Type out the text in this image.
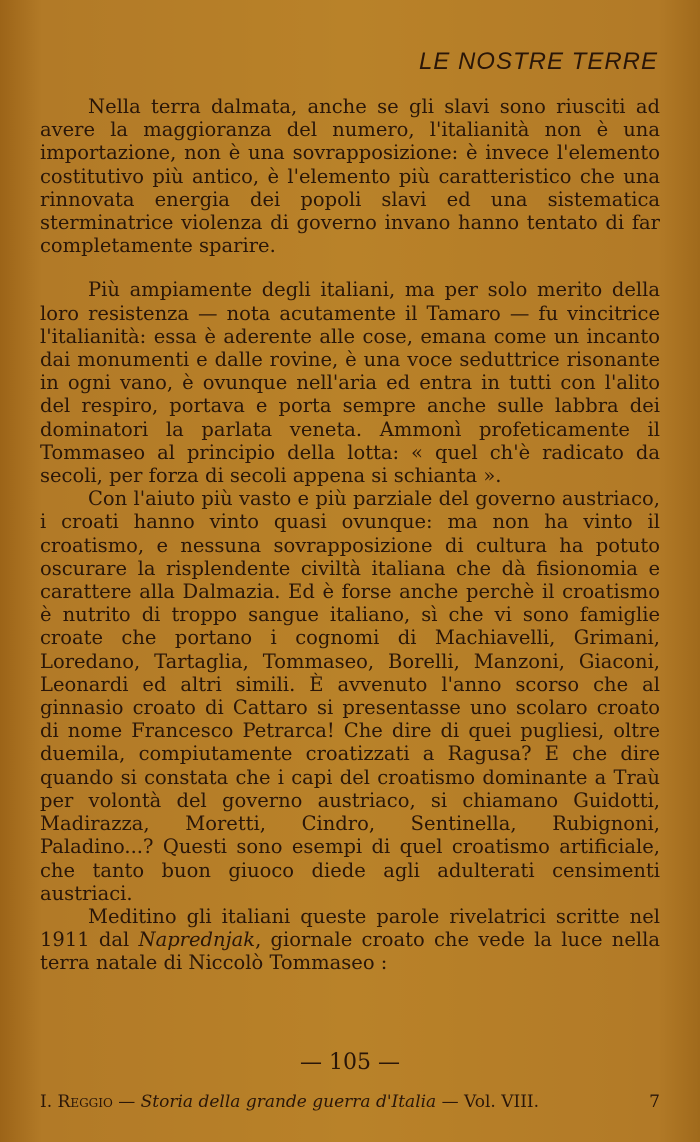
LE NOSTRE TERRE

Nella terra dalmata, anche se gli slavi sono riusciti ad avere la maggioranza del numero, l'italianità non è una importazione, non è una sovrapposizione: è invece l'elemento costitutivo più antico, è l'elemento più caratteristico che una rinnovata energia dei popoli slavi ed una sistematica sterminatrice violenza di governo invano hanno tentato di far completamente sparire.

Più ampiamente degli italiani, ma per solo merito della loro resistenza — nota acutamente il Tamaro — fu vincitrice l'italianità: essa è aderente alle cose, emana come un incanto dai monumenti e dalle rovine, è una voce seduttrice risonante in ogni vano, è ovunque nell'aria ed entra in tutti con l'alito del respiro, portava e porta sempre anche sulle labbra dei dominatori la parlata veneta. Ammonì profeticamente il Tommaseo al principio della lotta: « quel ch'è radicato da secoli, per forza di secoli appena si schianta ».

Con l'aiuto più vasto e più parziale del governo austriaco, i croati hanno vinto quasi ovunque: ma non ha vinto il croatismo, e nessuna sovrapposizione di cultura ha potuto oscurare la risplendente civiltà italiana che dà fisionomia e carattere alla Dalmazia. Ed è forse anche perchè il croatismo è nutrito di troppo sangue italiano, sì che vi sono famiglie croate che portano i cognomi di Machiavelli, Grimani, Loredano, Tartaglia, Tommaseo, Borelli, Manzoni, Giaconi, Leonardi ed altri simili. È avvenuto l'anno scorso che al ginnasio croato di Cattaro si presentasse uno scolaro croato di nome Francesco Petrarca! Che dire di quei pugliesi, oltre duemila, compiutamente croatizzati a Ragusa? E che dire quando si constata che i capi del croatismo dominante a Traù per volontà del governo austriaco, si chiamano Guidotti, Madirazza, Moretti, Cindro, Sentinella, Rubignoni, Paladino...? Questi sono esempi di quel croatismo artificiale, che tanto buon giuoco diede agli adulterati censimenti austriaci.

Meditino gli italiani queste parole rivelatrici scritte nel 1911 dal Naprednjak, giornale croato che vede la luce nella terra natale di Niccolò Tommaseo :

— 105 —
I. Reggio — Storia della grande guerra d'Italia — Vol. VIII.	7
